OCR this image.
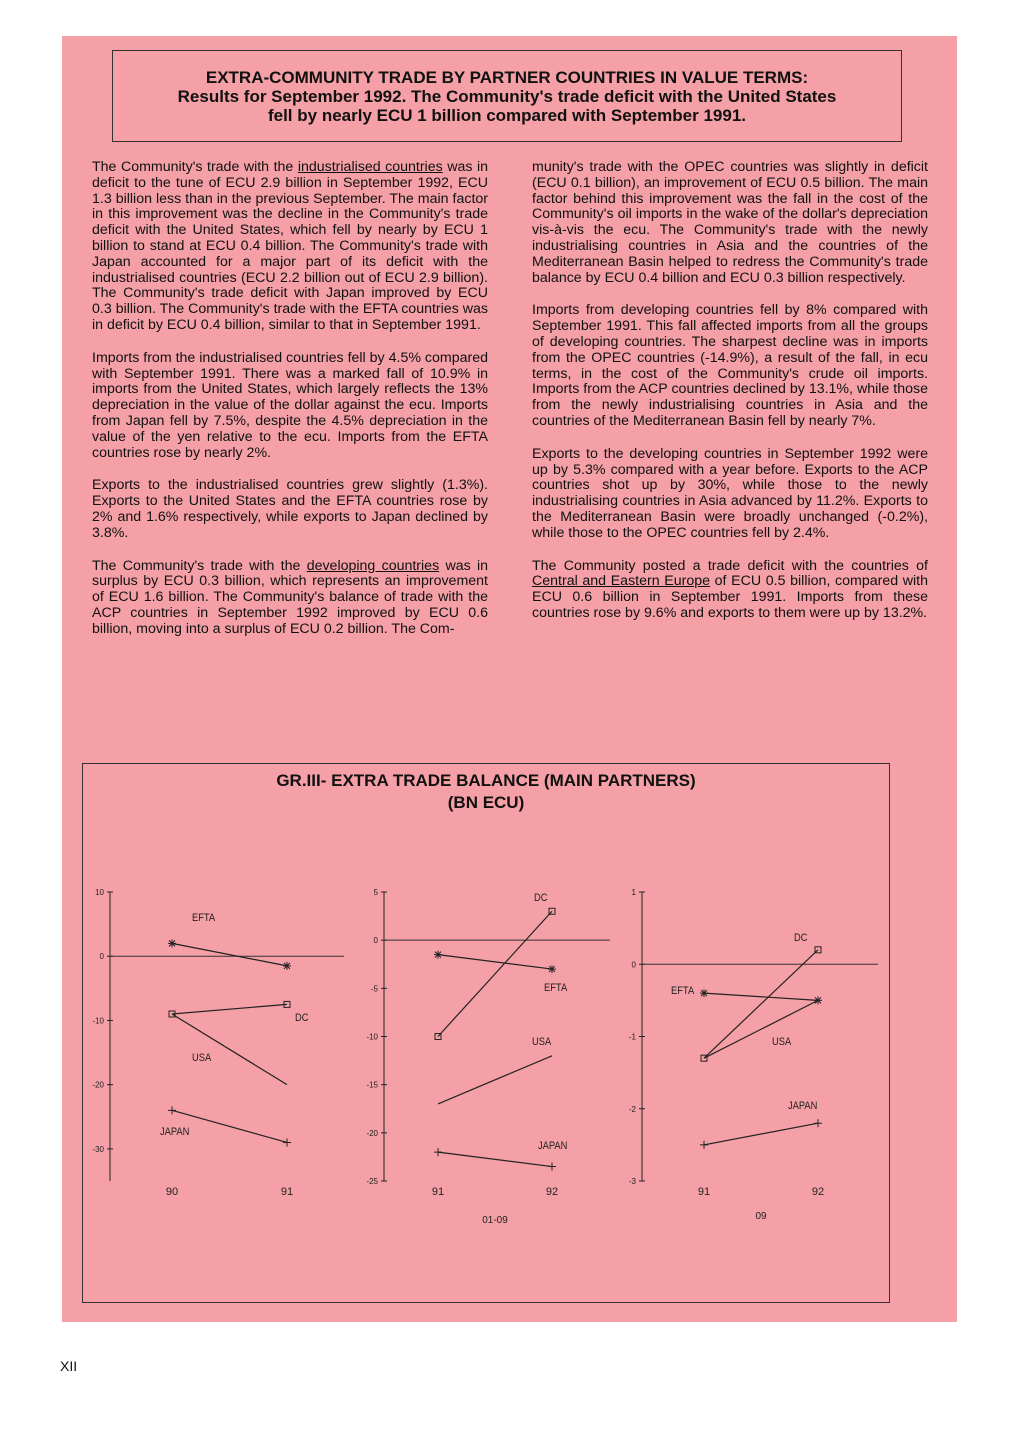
EXTRA-COMMUNITY TRADE BY PARTNER COUNTRIES IN VALUE TERMS:
Results for September 1992. The Community's trade deficit with the United States
fell by nearly ECU 1 billion compared with September 1991.

The Community's trade with the industrialised countries was in deficit to the tune of ECU 2.9 billion in September 1992, ECU 1.3 billion less than in the previous September. The main factor in this improvement was the decline in the Community's trade deficit with the United States, which fell by nearly by ECU 1 billion to stand at ECU 0.4 billion. The Community's trade with Japan accounted for a major part of its deficit with the industrialised countries (ECU 2.2 billion out of ECU 2.9 billion). The Community's trade deficit with Japan improved by ECU 0.3 billion. The Community's trade with the EFTA countries was in deficit by ECU 0.4 billion, similar to that in September 1991.

Imports from the industrialised countries fell by 4.5% compared with September 1991. There was a marked fall of 10.9% in imports from the United States, which largely reflects the 13% depreciation in the value of the dollar against the ecu. Imports from Japan fell by 7.5%, despite the 4.5% depreciation in the value of the yen relative to the ecu. Imports from the EFTA countries rose by nearly 2%.

Exports to the industrialised countries grew slightly (1.3%). Exports to the United States and the EFTA countries rose by 2% and 1.6% respectively, while exports to Japan declined by 3.8%.

The Community's trade with the developing countries was in surplus by ECU 0.3 billion, which represents an improvement of ECU 1.6 billion. The Community's balance of trade with the ACP countries in September 1992 improved by ECU 0.6 billion, moving into a surplus of ECU 0.2 billion. The Com-

munity's trade with the OPEC countries was slightly in deficit (ECU 0.1 billion), an improvement of ECU 0.5 billion. The main factor behind this improvement was the fall in the cost of the Community's oil imports in the wake of the dollar's depreciation vis-à-vis the ecu. The Community's trade with the newly industrialising countries in Asia and the countries of the Mediterranean Basin helped to redress the Community's trade balance by ECU 0.4 billion and ECU 0.3 billion respectively.

Imports from developing countries fell by 8% compared with September 1991. This fall affected imports from all the groups of developing countries. The sharpest decline was in imports from the OPEC countries (-14.9%), a result of the fall, in ecu terms, in the cost of the Community's crude oil imports. Imports from the ACP countries declined by 13.1%, while those from the newly industrialising countries in Asia and the countries of the Mediterranean Basin fell by nearly 7%.

Exports to the developing countries in September 1992 were up by 5.3% compared with a year before. Exports to the ACP countries shot up by 30%, while those to the newly industrialising countries in Asia advanced by 11.2%. Exports to the Mediterranean Basin were broadly unchanged (-0.2%), while those to the OPEC countries fell by 2.4%.

The Community posted a trade deficit with the countries of Central and Eastern Europe of ECU 0.5 billion, compared with ECU 0.6 billion in September 1991. Imports from these countries rose by 9.6% and exports to them were up by 13.2%.

GR.III- EXTRA TRADE BALANCE (MAIN PARTNERS)
(BN ECU)
10
0
-10
-20
-30
90	91
EFTA
DC
USA
JAPAN
5
0
-5
-10
-15
-20
-25
91	92
01-09
DC
EFTA
USA
JAPAN
1
0
-1
-2
-3
91	92
09
DC
EFTA
USA
JAPAN
XII
